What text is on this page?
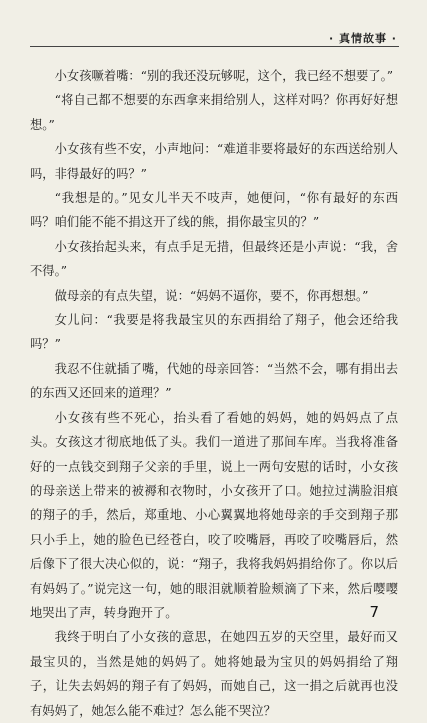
· 真情故事 ·

小女孩噘着嘴：“别的我还没玩够呢，这个，我已经不想要了。”

“将自己都不想要的东西拿来捐给别人，这样对吗？你再好好想想。”

小女孩有些不安，小声地问：“难道非要将最好的东西送给别人吗，非得最好的吗？”

“我想是的。”见女儿半天不吱声，她便问，“你有最好的东西吗？咱们能不能不捐这开了线的熊，捐你最宝贝的？”

小女孩抬起头来，有点手足无措，但最终还是小声说：“我，舍不得。”

做母亲的有点失望，说：“妈妈不逼你，要不，你再想想。”

女儿问：“我要是将我最宝贝的东西捐给了翔子，他会还给我吗？”

我忍不住就插了嘴，代她的母亲回答：“当然不会，哪有捐出去的东西又还回来的道理？”

小女孩有些不死心，抬头看了看她的妈妈，她的妈妈点了点头。女孩这才彻底地低了头。我们一道进了那间车库。当我将准备好的一点钱交到翔子父亲的手里，说上一两句安慰的话时，小女孩的母亲送上带来的被褥和衣物时，小女孩开了口。她拉过满脸泪痕的翔子的手，然后，郑重地、小心翼翼地将她母亲的手交到翔子那只小手上，她的脸色已经苍白，咬了咬嘴唇，再咬了咬嘴唇后，然后像下了很大决心似的，说：“翔子，我将我妈妈捐给你了。你以后有妈妈了。”说完这一句，她的眼泪就顺着脸颊滴了下来，然后嘤嘤地哭出了声，转身跑开了。

我终于明白了小女孩的意思，在她四五岁的天空里，最好而又最宝贝的，当然是她的妈妈了。她将她最为宝贝的妈妈捐给了翔子，让失去妈妈的翔子有了妈妈，而她自己，这一捐之后就再也没有妈妈了，她怎么能不难过？怎么能不哭泣？

7
